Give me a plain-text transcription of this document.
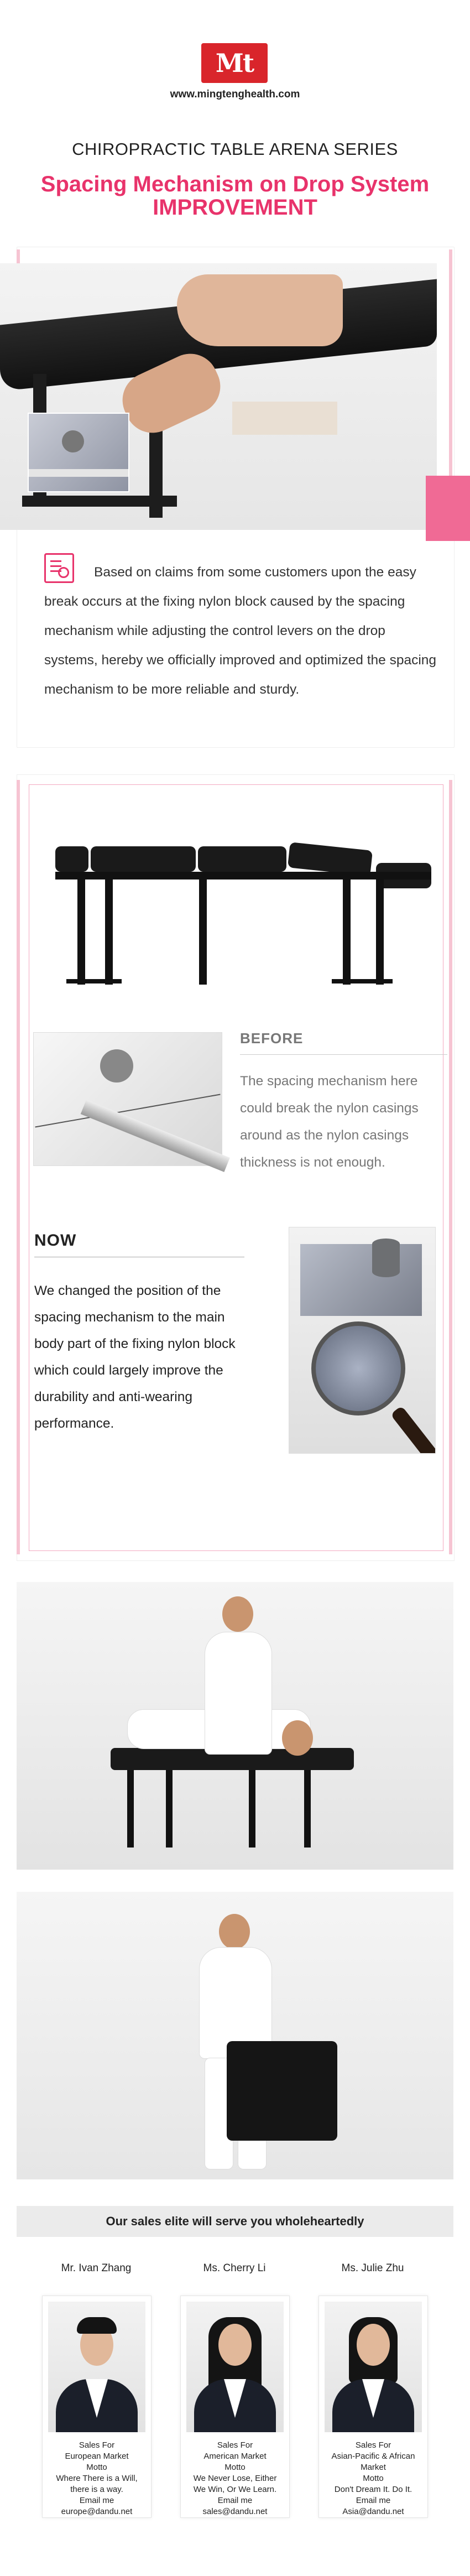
Mt
www.mingtenghealth.com
CHIROPRACTIC TABLE ARENA SERIES
Spacing Mechanism on Drop System
IMPROVEMENT
Based on claims from some customers upon the easy break occurs at the fixing nylon block caused by the spacing mechanism while adjusting the control levers on the drop systems, hereby we officially improved and optimized the spacing mechanism to be more reliable and sturdy.
BEFORE
The spacing mechanism here could break the nylon casings around as the nylon casings thickness is not enough.
NOW
We changed the position of the spacing mechanism to the main body part of the fixing nylon block which could largely improve the durability and anti-wearing performance.
Our sales elite will serve you wholeheartedly
Mr. Ivan Zhang
Sales For
European Market
Motto
Where There is a Will,
there is a way.
Email me
europe@dandu.net
Ms. Cherry Li
Sales For
American Market
Motto
We Never Lose, Either
We Win, Or We Learn.
Email me
sales@dandu.net
Ms. Julie Zhu
Sales For
Asian-Pacific & African
Market
Motto
Don't Dream It. Do It.
Email me
Asia@dandu.net
